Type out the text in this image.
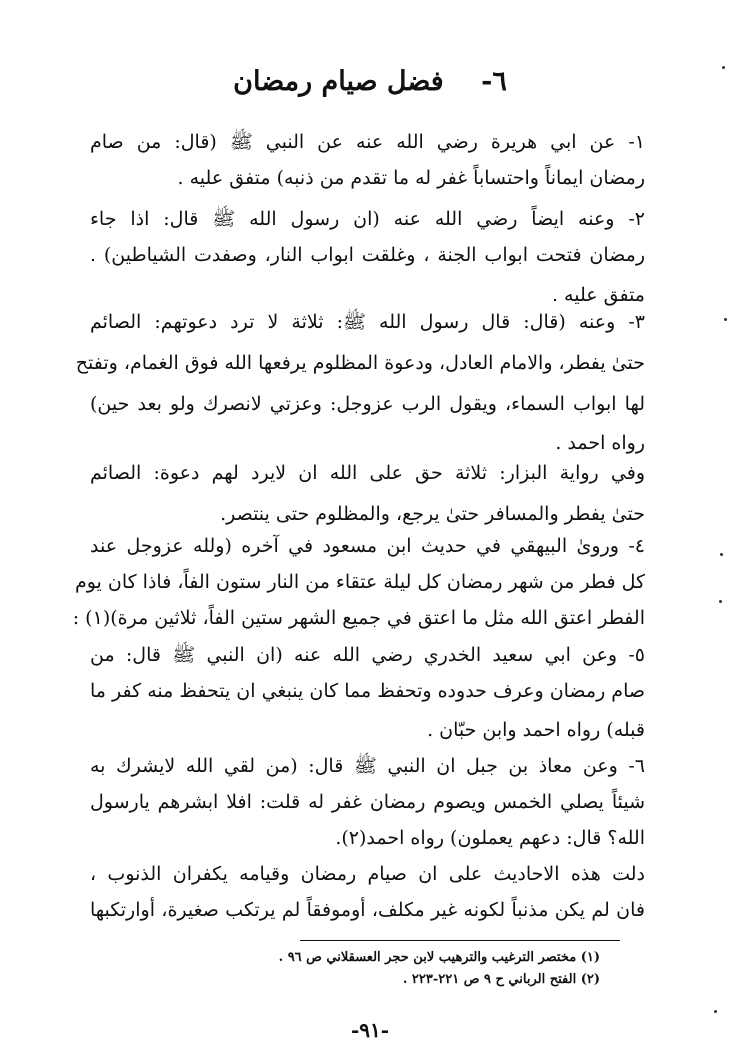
٦- فضل صيام رمضان
١- عن ابي هريرة رضي الله عنه عن النبي ﷺ (قال: من صام
رمضان ايماناً واحتساباً غفر له ما تقدم من ذنبه) متفق عليه .
٢- وعنه ايضاً رضي الله عنه (ان رسول الله ﷺ قال: اذا جاء
رمضان فتحت ابواب الجنة ، وغلقت ابواب النار، وصفدت الشياطين) .
متفق عليه .
٣- وعنه (قال: قال رسول الله ﷺ: ثلاثة لا ترد دعوتهم: الصائم
حتىٰ يفطر، والامام العادل، ودعوة المظلوم يرفعها الله فوق الغمام، وتفتح
لها ابواب السماء، ويقول الرب عزوجل: وعزتي لانصرك ولو بعد حين)
رواه احمد .
وفي رواية البزار: ثلاثة حق على الله ان لايرد لهم دعوة: الصائم
حتىٰ يفطر والمسافر حتىٰ يرجع، والمظلوم حتى ينتصر.
٤- وروىٰ البيهقي في حديث ابن مسعود في آخره (ولله عزوجل عند
كل فطر من شهر رمضان كل ليلة عتقاء من النار ستون الفاً، فاذا كان يوم
الفطر اعتق الله مثل ما اعتق في جميع الشهر ستين الفاً، ثلاثين مرة)(١) :
٥- وعن ابي سعيد الخدري رضي الله عنه (ان النبي ﷺ قال: من
صام رمضان وعرف حدوده وتحفظ مما كان ينبغي ان يتحفظ منه كفر ما
قبله) رواه احمد وابن حبّان .
٦- وعن معاذ بن جبل ان النبي ﷺ قال: (من لقي الله لايشرك به
شيئاً يصلي الخمس ويصوم رمضان غفر له قلت: افلا ابشرهم يارسول
الله؟ قال: دعهم يعملون) رواه احمد(٢).
دلت هذه الاحاديث على ان صيام رمضان وقيامه يكفران الذنوب ،
فان لم يكن مذنباً لكونه غير مكلف، أوموفقاً لم يرتكب صغيرة، أوارتكبها
(١) مختصر الترغيب والترهيب لابن حجر العسقلاني ص ٩٦ .
(٢) الفتح الرباني ح ٩ ص ٢٢١-٢٢٣ .
-٩١-
